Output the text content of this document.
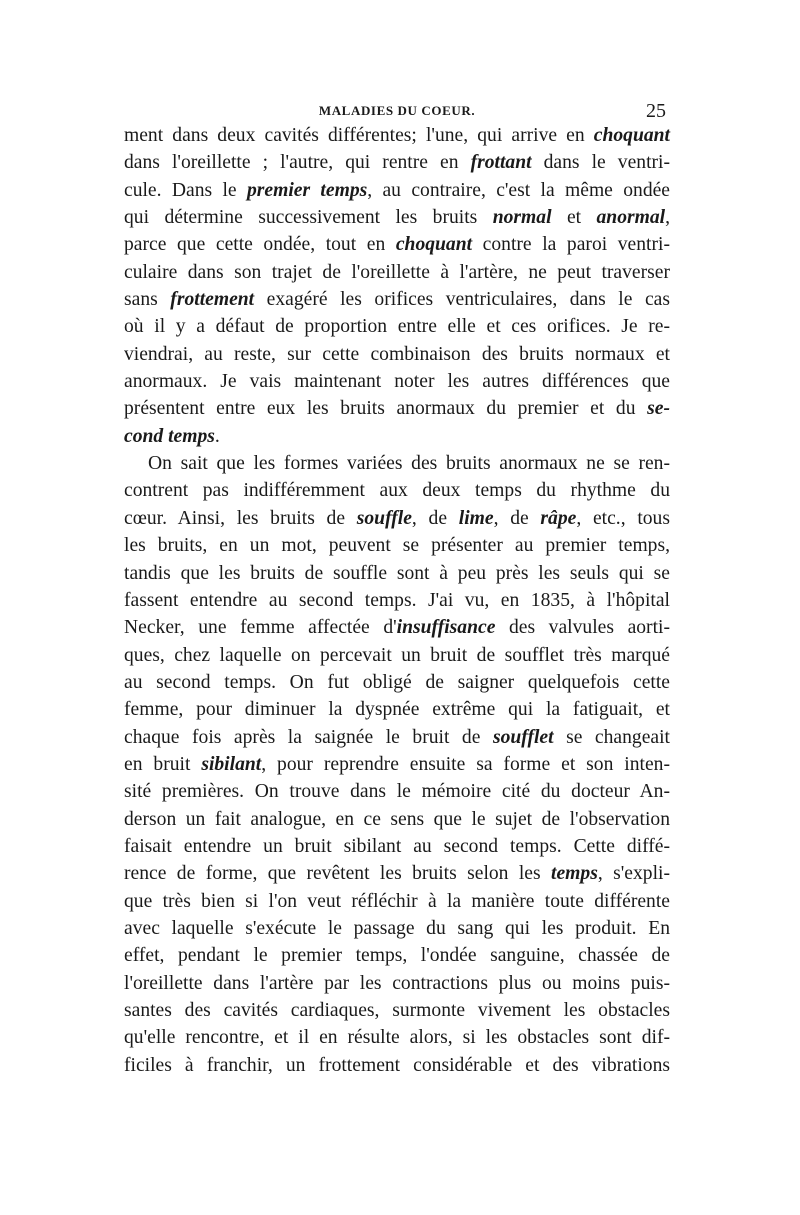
MALADIES DU COEUR.	25
ment dans deux cavités différentes; l'une, qui arrive en choquant
dans l'oreillette ; l'autre, qui rentre en frottant dans le ventri-
cule. Dans le premier temps, au contraire, c'est la même ondée
qui détermine successivement les bruits normal et anormal,
parce que cette ondée, tout en choquant contre la paroi ventri-
culaire dans son trajet de l'oreillette à l'artère, ne peut traverser
sans frottement exagéré les orifices ventriculaires, dans le cas
où il y a défaut de proportion entre elle et ces orifices. Je re-
viendrai, au reste, sur cette combinaison des bruits normaux et
anormaux. Je vais maintenant noter les autres différences que
présentent entre eux les bruits anormaux du premier et du se-
cond temps.
On sait que les formes variées des bruits anormaux ne se ren-
contrent pas indifféremment aux deux temps du rhythme du
cœur. Ainsi, les bruits de souffle, de lime, de râpe, etc., tous
les bruits, en un mot, peuvent se présenter au premier temps,
tandis que les bruits de souffle sont à peu près les seuls qui se
fassent entendre au second temps. J'ai vu, en 1835, à l'hôpital
Necker, une femme affectée d'insuffisance des valvules aorti-
ques, chez laquelle on percevait un bruit de soufflet très marqué
au second temps. On fut obligé de saigner quelquefois cette
femme, pour diminuer la dyspnée extrême qui la fatiguait, et
chaque fois après la saignée le bruit de soufflet se changeait
en bruit sibilant, pour reprendre ensuite sa forme et son inten-
sité premières. On trouve dans le mémoire cité du docteur An-
derson un fait analogue, en ce sens que le sujet de l'observation
faisait entendre un bruit sibilant au second temps. Cette diffé-
rence de forme, que revêtent les bruits selon les temps, s'expli-
que très bien si l'on veut réfléchir à la manière toute différente
avec laquelle s'exécute le passage du sang qui les produit. En
effet, pendant le premier temps, l'ondée sanguine, chassée de
l'oreillette dans l'artère par les contractions plus ou moins puis-
santes des cavités cardiaques, surmonte vivement les obstacles
qu'elle rencontre, et il en résulte alors, si les obstacles sont dif-
ficiles à franchir, un frottement considérable et des vibrations
